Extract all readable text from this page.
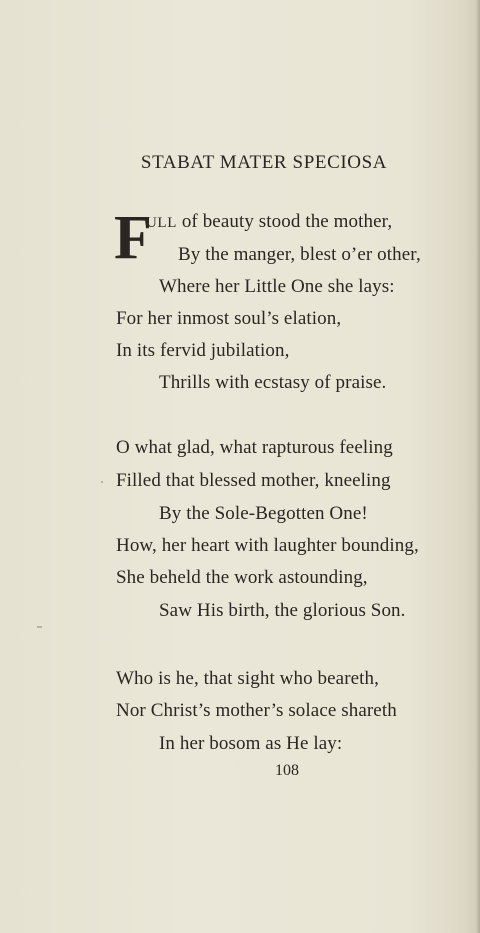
STABAT MATER SPECIOSA
F
ULL of beauty stood the mother,
By the manger, blest o’er other,
Where her Little One she lays:
For her inmost soul’s elation,
In its fervid jubilation,
Thrills with ecstasy of praise.
O what glad, what rapturous feeling
Filled that blessed mother, kneeling
By the Sole-Begotten One!
How, her heart with laughter bounding,
She beheld the work astounding,
Saw His birth, the glorious Son.
Who is he, that sight who beareth,
Nor Christ’s mother’s solace shareth
In her bosom as He lay:
108
